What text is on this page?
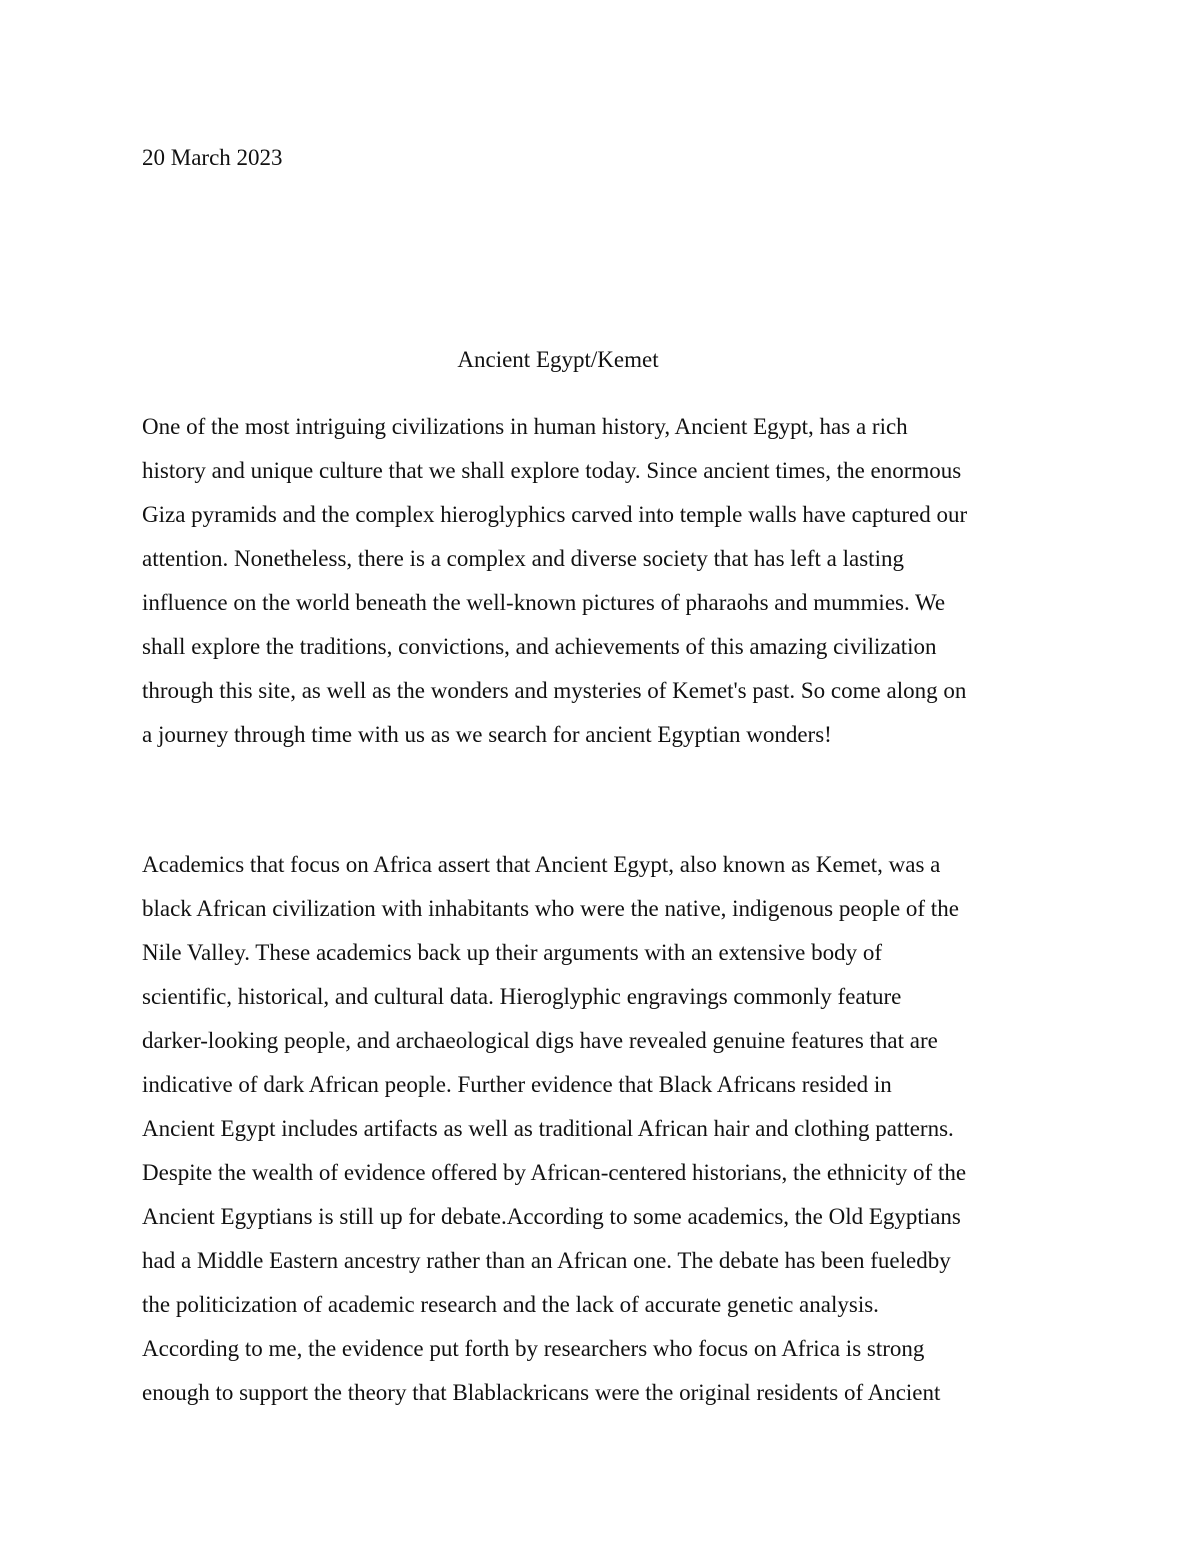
20 March 2023

Ancient Egypt/Kemet
One of the most intriguing civilizations in human history, Ancient Egypt, has a rich
history and unique culture that we shall explore today. Since ancient times, the enormous
Giza pyramids and the complex hieroglyphics carved into temple walls have captured our
attention. Nonetheless, there is a complex and diverse society that has left a lasting
influence on the world beneath the well-known pictures of pharaohs and mummies. We
shall explore the traditions, convictions, and achievements of this amazing civilization
through this site, as well as the wonders and mysteries of Kemet's past. So come along on
a journey through time with us as we search for ancient Egyptian wonders!
Academics that focus on Africa assert that Ancient Egypt, also known as Kemet, was a
black African civilization with inhabitants who were the native, indigenous people of the
Nile Valley. These academics back up their arguments with an extensive body of
scientific, historical, and cultural data. Hieroglyphic engravings commonly feature
darker-looking people, and archaeological digs have revealed genuine features that are
indicative of dark African people. Further evidence that Black Africans resided in
Ancient Egypt includes artifacts as well as traditional African hair and clothing patterns.
Despite the wealth of evidence offered by African-centered historians, the ethnicity of the
Ancient Egyptians is still up for debate.According to some academics, the Old Egyptians
had a Middle Eastern ancestry rather than an African one. The debate has been fueledby
the politicization of academic research and the lack of accurate genetic analysis.
According to me, the evidence put forth by researchers who focus on Africa is strong
enough to support the theory that Blablackricans were the original residents of Ancient
